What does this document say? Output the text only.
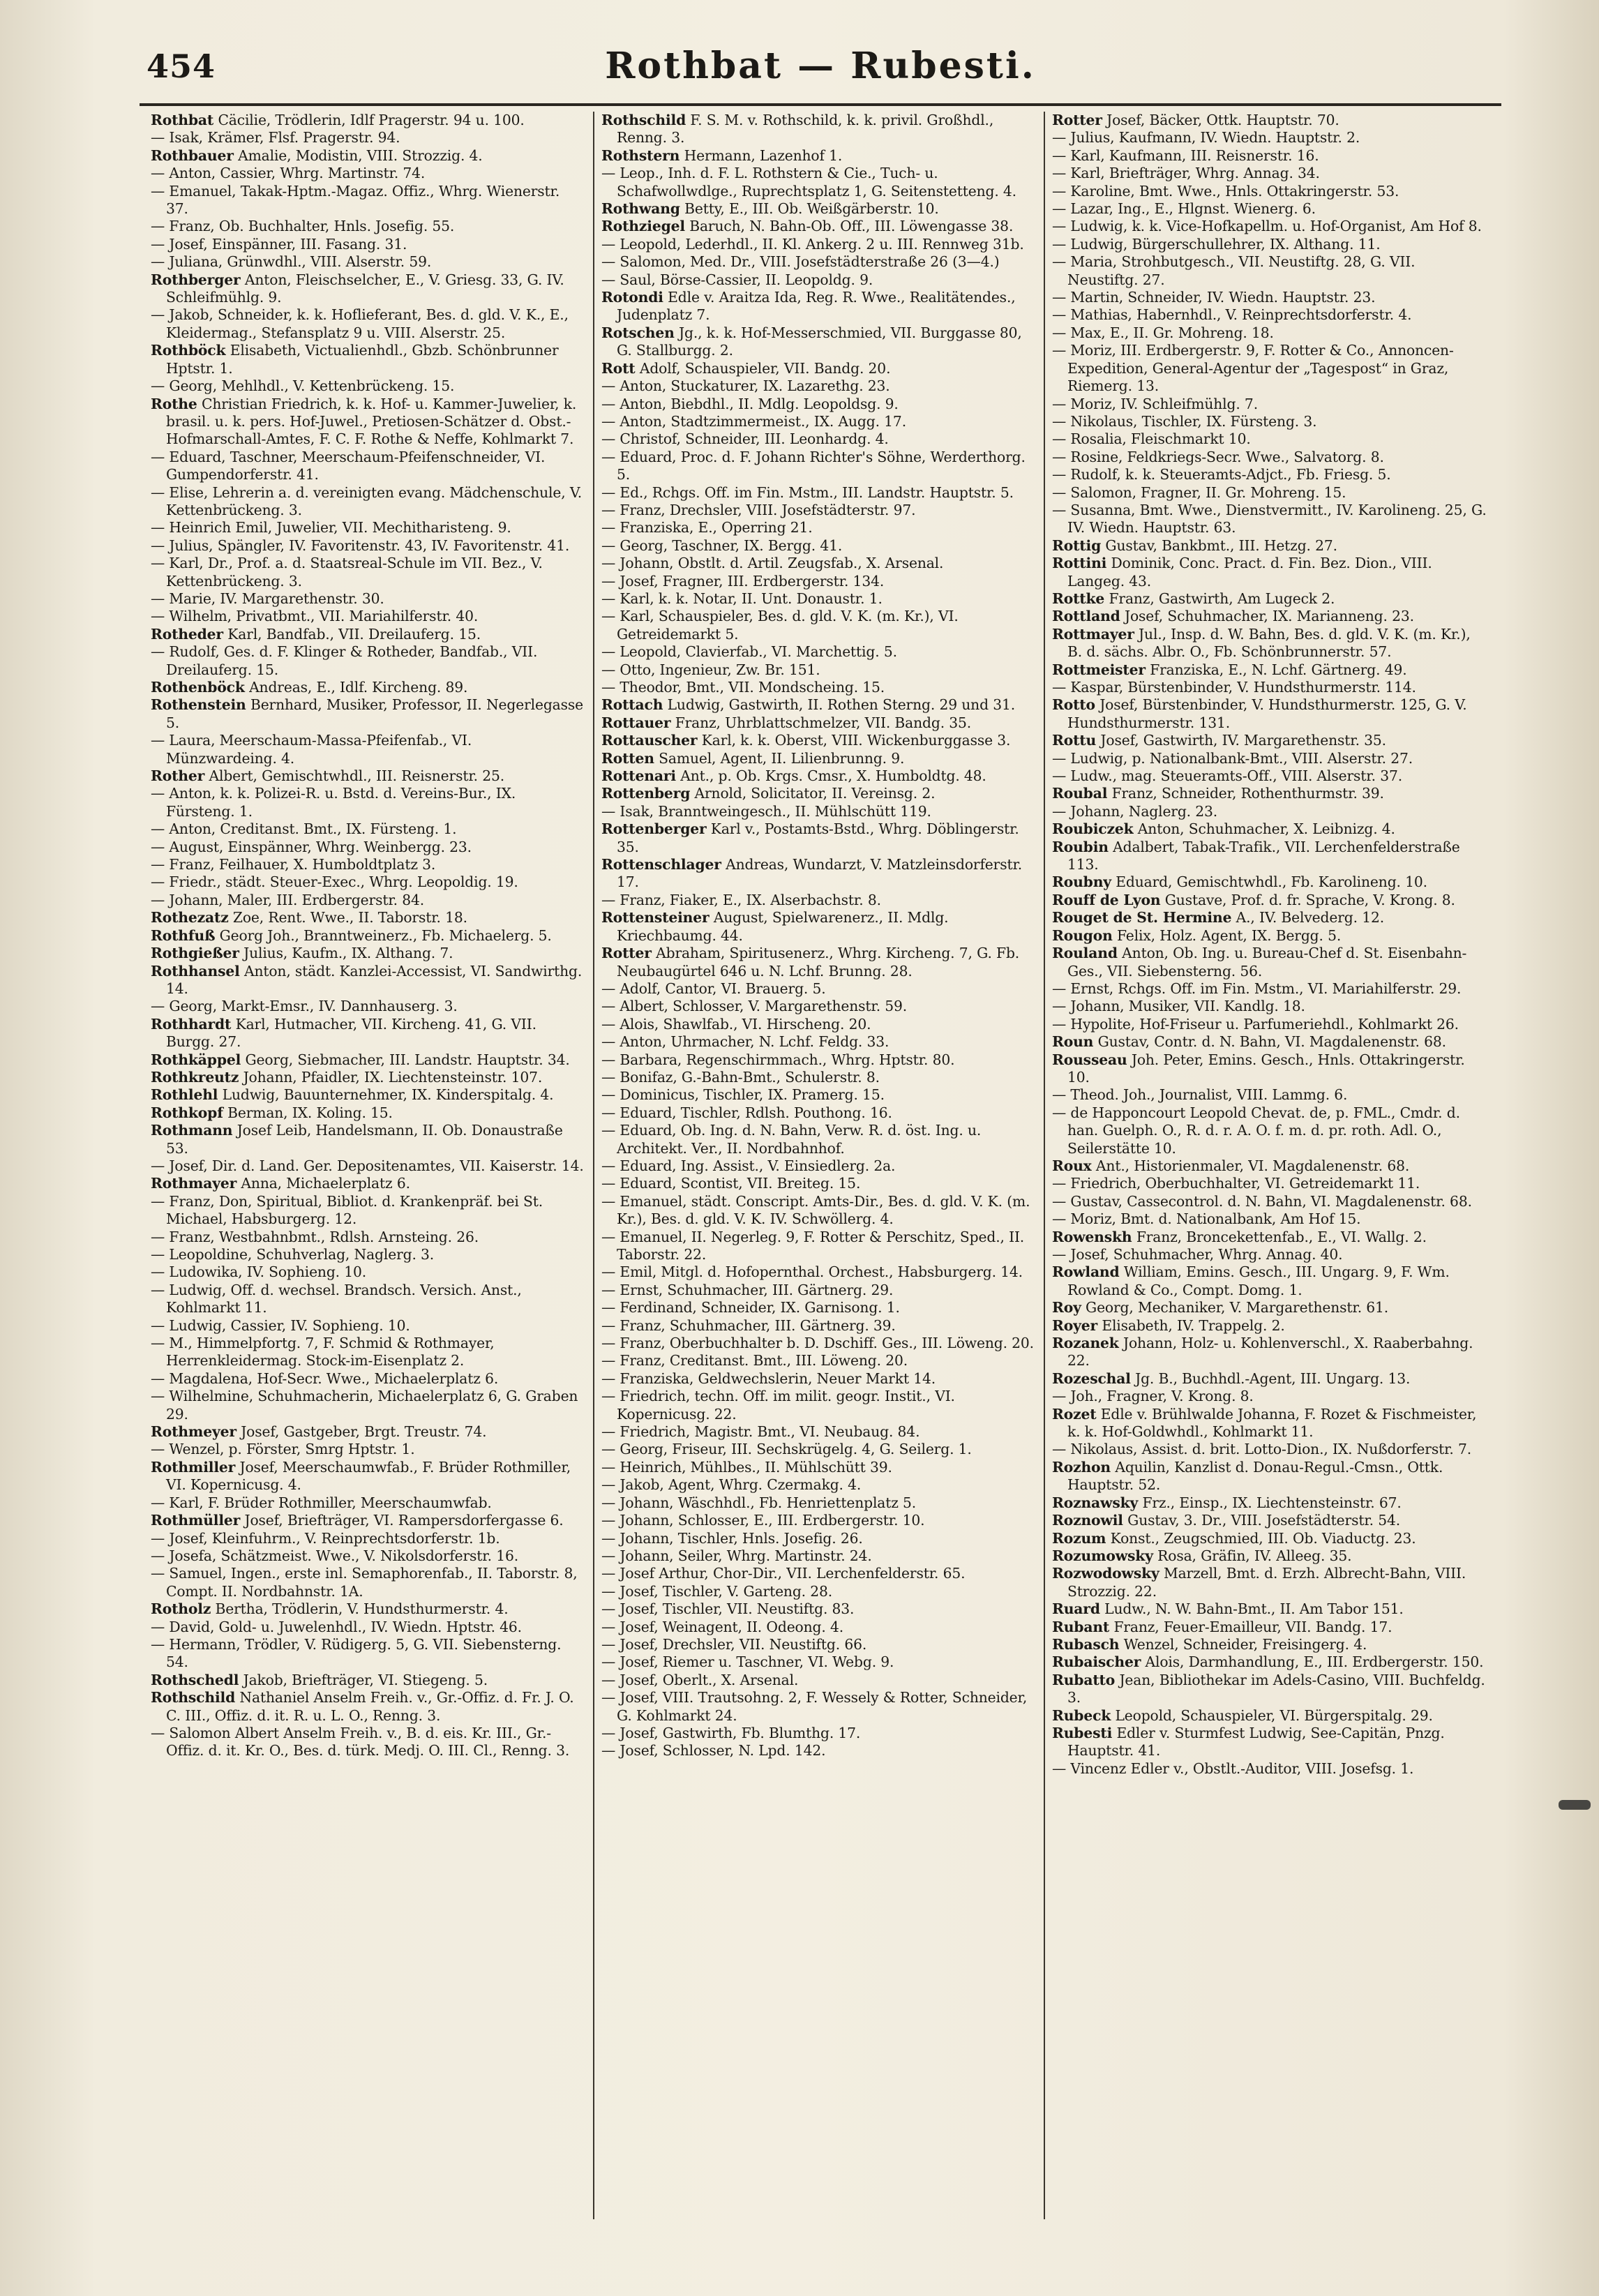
454	Rothbat — Rubesti.

Rothbat Cäcilie, Trödlerin, Idlf Pragerstr. 94 u. 100.

— Isak, Krämer, Flsf. Pragerstr. 94.

Rothbauer Amalie, Modistin, VIII. Strozzig. 4.

— Anton, Cassier, Whrg. Martinstr. 74.

— Emanuel, Takak-Hptm.-Magaz. Offiz., Whrg. Wienerstr. 37.

— Franz, Ob. Buchhalter, Hnls. Josefig. 55.

— Josef, Einspänner, III. Fasang. 31.

— Juliana, Grünwdhl., VIII. Alserstr. 59.

Rothberger Anton, Fleischselcher, E., V. Griesg. 33, G. IV. Schleifmühlg. 9.

— Jakob, Schneider, k. k. Hoflieferant, Bes. d. gld. V. K., E., Kleidermag., Stefansplatz 9 u. VIII. Alserstr. 25.

Rothböck Elisabeth, Victualienhdl., Gbzb. Schönbrunner Hptstr. 1.

— Georg, Mehlhdl., V. Kettenbrückeng. 15.

Rothe Christian Friedrich, k. k. Hof- u. Kammer-Juwelier, k. brasil. u. k. pers. Hof-Juwel., Pretiosen-Schätzer d. Obst.-Hofmarschall-Amtes, F. C. F. Rothe & Neffe, Kohlmarkt 7.

— Eduard, Taschner, Meerschaum-Pfeifenschneider, VI. Gumpendorferstr. 41.

— Elise, Lehrerin a. d. vereinigten evang. Mädchenschule, V. Kettenbrückeng. 3.

— Heinrich Emil, Juwelier, VII. Mechitharisteng. 9.

— Julius, Spängler, IV. Favoritenstr. 43, IV. Favoritenstr. 41.

— Karl, Dr., Prof. a. d. Staatsreal-Schule im VII. Bez., V. Kettenbrückeng. 3.

— Marie, IV. Margarethenstr. 30.

— Wilhelm, Privatbmt., VII. Mariahilferstr. 40.

Rotheder Karl, Bandfab., VII. Dreilauferg. 15.

— Rudolf, Ges. d. F. Klinger & Rotheder, Bandfab., VII. Dreilauferg. 15.

Rothenböck Andreas, E., Idlf. Kircheng. 89.

Rothenstein Bernhard, Musiker, Professor, II. Negerlegasse 5.

— Laura, Meerschaum-Massa-Pfeifenfab., VI. Münzwardeing. 4.

Rother Albert, Gemischtwhdl., III. Reisnerstr. 25.

— Anton, k. k. Polizei-R. u. Bstd. d. Vereins-Bur., IX. Fürsteng. 1.

— Anton, Creditanst. Bmt., IX. Fürsteng. 1.

— August, Einspänner, Whrg. Weinbergg. 23.

— Franz, Feilhauer, X. Humboldtplatz 3.

— Friedr., städt. Steuer-Exec., Whrg. Leopoldig. 19.

— Johann, Maler, III. Erdbergerstr. 84.

Rothezatz Zoe, Rent. Wwe., II. Taborstr. 18.

Rothfuß Georg Joh., Branntweinerz., Fb. Michaelerg. 5.

Rothgießer Julius, Kaufm., IX. Althang. 7.

Rothhansel Anton, städt. Kanzlei-Accessist, VI. Sandwirthg. 14.

— Georg, Markt-Emsr., IV. Dannhauserg. 3.

Rothhardt Karl, Hutmacher, VII. Kircheng. 41, G. VII. Burgg. 27.

Rothkäppel Georg, Siebmacher, III. Landstr. Hauptstr. 34.

Rothkreutz Johann, Pfaidler, IX. Liechtensteinstr. 107.

Rothlehl Ludwig, Bauunternehmer, IX. Kinderspitalg. 4.

Rothkopf Berman, IX. Koling. 15.

Rothmann Josef Leib, Handelsmann, II. Ob. Donaustraße 53.

— Josef, Dir. d. Land. Ger. Depositenamtes, VII. Kaiserstr. 14.

Rothmayer Anna, Michaelerplatz 6.

— Franz, Don, Spiritual, Bibliot. d. Krankenpräf. bei St. Michael, Habsburgerg. 12.

— Franz, Westbahnbmt., Rdlsh. Arnsteing. 26.

— Leopoldine, Schuhverlag, Naglerg. 3.

— Ludowika, IV. Sophieng. 10.

— Ludwig, Off. d. wechsel. Brandsch. Versich. Anst., Kohlmarkt 11.

— Ludwig, Cassier, IV. Sophieng. 10.

— M., Himmelpfortg. 7, F. Schmid & Rothmayer, Herrenkleidermag. Stock-im-Eisenplatz 2.

— Magdalena, Hof-Secr. Wwe., Michaelerplatz 6.

— Wilhelmine, Schuhmacherin, Michaelerplatz 6, G. Graben 29.

Rothmeyer Josef, Gastgeber, Brgt. Treustr. 74.

— Wenzel, p. Förster, Smrg Hptstr. 1.

Rothmiller Josef, Meerschaumwfab., F. Brüder Rothmiller, VI. Kopernicusg. 4.

— Karl, F. Brüder Rothmiller, Meerschaumwfab.

Rothmüller Josef, Briefträger, VI. Rampersdorfergasse 6.

— Josef, Kleinfuhrm., V. Reinprechtsdorferstr. 1b.

— Josefa, Schätzmeist. Wwe., V. Nikolsdorferstr. 16.

— Samuel, Ingen., erste inl. Semaphorenfab., II. Taborstr. 8, Compt. II. Nordbahnstr. 1A.

Rotholz Bertha, Trödlerin, V. Hundsthurmerstr. 4.

— David, Gold- u. Juwelenhdl., IV. Wiedn. Hptstr. 46.

— Hermann, Trödler, V. Rüdigerg. 5, G. VII. Siebensterng. 54.

Rothschedl Jakob, Briefträger, VI. Stiegeng. 5.

Rothschild Nathaniel Anselm Freih. v., Gr.-Offiz. d. Fr. J. O. C. III., Offiz. d. it. R. u. L. O., Renng. 3.

— Salomon Albert Anselm Freih. v., B. d. eis. Kr. III., Gr.-Offiz. d. it. Kr. O., Bes. d. türk. Medj. O. III. Cl., Renng. 3.

Rothschild F. S. M. v. Rothschild, k. k. privil. Großhdl., Renng. 3.

Rothstern Hermann, Lazenhof 1.

— Leop., Inh. d. F. L. Rothstern & Cie., Tuch- u. Schafwollwdlge., Ruprechtsplatz 1, G. Seitenstetteng. 4.

Rothwang Betty, E., III. Ob. Weißgärberstr. 10.

Rothziegel Baruch, N. Bahn-Ob. Off., III. Löwengasse 38.

— Leopold, Lederhdl., II. Kl. Ankerg. 2 u. III. Rennweg 31b.

— Salomon, Med. Dr., VIII. Josefstädterstraße 26 (3—4.)

— Saul, Börse-Cassier, II. Leopoldg. 9.

Rotondi Edle v. Araitza Ida, Reg. R. Wwe., Realitätendes., Judenplatz 7.

Rotschen Jg., k. k. Hof-Messerschmied, VII. Burggasse 80, G. Stallburgg. 2.

Rott Adolf, Schauspieler, VII. Bandg. 20.

— Anton, Stuckaturer, IX. Lazarethg. 23.

— Anton, Biebdhl., II. Mdlg. Leopoldsg. 9.

— Anton, Stadtzimmermeist., IX. Augg. 17.

— Christof, Schneider, III. Leonhardg. 4.

— Eduard, Proc. d. F. Johann Richter's Söhne, Werderthorg. 5.

— Ed., Rchgs. Off. im Fin. Mstm., III. Landstr. Hauptstr. 5.

— Franz, Drechsler, VIII. Josefstädterstr. 97.

— Franziska, E., Operring 21.

— Georg, Taschner, IX. Bergg. 41.

— Johann, Obstlt. d. Artil. Zeugsfab., X. Arsenal.

— Josef, Fragner, III. Erdbergerstr. 134.

— Karl, k. k. Notar, II. Unt. Donaustr. 1.

— Karl, Schauspieler, Bes. d. gld. V. K. (m. Kr.), VI. Getreidemarkt 5.

— Leopold, Clavierfab., VI. Marchettig. 5.

— Otto, Ingenieur, Zw. Br. 151.

— Theodor, Bmt., VII. Mondscheing. 15.

Rottach Ludwig, Gastwirth, II. Rothen Sterng. 29 und 31.

Rottauer Franz, Uhrblattschmelzer, VII. Bandg. 35.

Rottauscher Karl, k. k. Oberst, VIII. Wickenburggasse 3.

Rotten Samuel, Agent, II. Lilienbrunng. 9.

Rottenari Ant., p. Ob. Krgs. Cmsr., X. Humboldtg. 48.

Rottenberg Arnold, Solicitator, II. Vereinsg. 2.

— Isak, Branntweingesch., II. Mühlschütt 119.

Rottenberger Karl v., Postamts-Bstd., Whrg. Döblingerstr. 35.

Rottenschlager Andreas, Wundarzt, V. Matzleinsdorferstr. 17.

— Franz, Fiaker, E., IX. Alserbachstr. 8.

Rottensteiner August, Spielwarenerz., II. Mdlg. Kriechbaumg. 44.

Rotter Abraham, Spiritusenerz., Whrg. Kircheng. 7, G. Fb. Neubaugürtel 646 u. N. Lchf. Brunng. 28.

— Adolf, Cantor, VI. Brauerg. 5.

— Albert, Schlosser, V. Margarethenstr. 59.

— Alois, Shawlfab., VI. Hirscheng. 20.

— Anton, Uhrmacher, N. Lchf. Feldg. 33.

— Barbara, Regenschirmmach., Whrg. Hptstr. 80.

— Bonifaz, G.-Bahn-Bmt., Schulerstr. 8.

— Dominicus, Tischler, IX. Pramerg. 15.

— Eduard, Tischler, Rdlsh. Pouthong. 16.

— Eduard, Ob. Ing. d. N. Bahn, Verw. R. d. öst. Ing. u. Architekt. Ver., II. Nordbahnhof.

— Eduard, Ing. Assist., V. Einsiedlerg. 2a.

— Eduard, Scontist, VII. Breiteg. 15.

— Emanuel, städt. Conscript. Amts-Dir., Bes. d. gld. V. K. (m. Kr.), Bes. d. gld. V. K. IV. Schwöllerg. 4.

— Emanuel, II. Negerleg. 9, F. Rotter & Perschitz, Sped., II. Taborstr. 22.

— Emil, Mitgl. d. Hofopernthal. Orchest., Habsburgerg. 14.

— Ernst, Schuhmacher, III. Gärtnerg. 29.

— Ferdinand, Schneider, IX. Garnisong. 1.

— Franz, Schuhmacher, III. Gärtnerg. 39.

— Franz, Oberbuchhalter b. D. Dschiff. Ges., III. Löweng. 20.

— Franz, Creditanst. Bmt., III. Löweng. 20.

— Franziska, Geldwechslerin, Neuer Markt 14.

— Friedrich, techn. Off. im milit. geogr. Instit., VI. Kopernicusg. 22.

— Friedrich, Magistr. Bmt., VI. Neubaug. 84.

— Georg, Friseur, III. Sechskrügelg. 4, G. Seilerg. 1.

— Heinrich, Mühlbes., II. Mühlschütt 39.

— Jakob, Agent, Whrg. Czermakg. 4.

— Johann, Wäschhdl., Fb. Henriettenplatz 5.

— Johann, Schlosser, E., III. Erdbergerstr. 10.

— Johann, Tischler, Hnls. Josefig. 26.

— Johann, Seiler, Whrg. Martinstr. 24.

— Josef Arthur, Chor-Dir., VII. Lerchenfelderstr. 65.

— Josef, Tischler, V. Garteng. 28.

— Josef, Tischler, VII. Neustiftg. 83.

— Josef, Weinagent, II. Odeong. 4.

— Josef, Drechsler, VII. Neustiftg. 66.

— Josef, Riemer u. Taschner, VI. Webg. 9.

— Josef, Oberlt., X. Arsenal.

— Josef, VIII. Trautsohng. 2, F. Wessely & Rotter, Schneider, G. Kohlmarkt 24.

— Josef, Gastwirth, Fb. Blumthg. 17.

— Josef, Schlosser, N. Lpd. 142.

Rotter Josef, Bäcker, Ottk. Hauptstr. 70.

— Julius, Kaufmann, IV. Wiedn. Hauptstr. 2.

— Karl, Kaufmann, III. Reisnerstr. 16.

— Karl, Briefträger, Whrg. Annag. 34.

— Karoline, Bmt. Wwe., Hnls. Ottakringerstr. 53.

— Lazar, Ing., E., Hlgnst. Wienerg. 6.

— Ludwig, k. k. Vice-Hofkapellm. u. Hof-Organist, Am Hof 8.

— Ludwig, Bürgerschullehrer, IX. Althang. 11.

— Maria, Strohbutgesch., VII. Neustiftg. 28, G. VII. Neustiftg. 27.

— Martin, Schneider, IV. Wiedn. Hauptstr. 23.

— Mathias, Habernhdl., V. Reinprechtsdorferstr. 4.

— Max, E., II. Gr. Mohreng. 18.

— Moriz, III. Erdbergerstr. 9, F. Rotter & Co., Annoncen-Expedition, General-Agentur der „Tagespost“ in Graz, Riemerg. 13.

— Moriz, IV. Schleifmühlg. 7.

— Nikolaus, Tischler, IX. Fürsteng. 3.

— Rosalia, Fleischmarkt 10.

— Rosine, Feldkriegs-Secr. Wwe., Salvatorg. 8.

— Rudolf, k. k. Steueramts-Adjct., Fb. Friesg. 5.

— Salomon, Fragner, II. Gr. Mohreng. 15.

— Susanna, Bmt. Wwe., Dienstvermitt., IV. Karolineng. 25, G. IV. Wiedn. Hauptstr. 63.

Rottig Gustav, Bankbmt., III. Hetzg. 27.

Rottini Dominik, Conc. Pract. d. Fin. Bez. Dion., VIII. Langeg. 43.

Rottke Franz, Gastwirth, Am Lugeck 2.

Rottland Josef, Schuhmacher, IX. Marianneng. 23.

Rottmayer Jul., Insp. d. W. Bahn, Bes. d. gld. V. K. (m. Kr.), B. d. sächs. Albr. O., Fb. Schönbrunnerstr. 57.

Rottmeister Franziska, E., N. Lchf. Gärtnerg. 49.

— Kaspar, Bürstenbinder, V. Hundsthurmerstr. 114.

Rotto Josef, Bürstenbinder, V. Hundsthurmerstr. 125, G. V. Hundsthurmerstr. 131.

Rottu Josef, Gastwirth, IV. Margarethenstr. 35.

— Ludwig, p. Nationalbank-Bmt., VIII. Alserstr. 27.

— Ludw., mag. Steueramts-Off., VIII. Alserstr. 37.

Roubal Franz, Schneider, Rothenthurmstr. 39.

— Johann, Naglerg. 23.

Roubiczek Anton, Schuhmacher, X. Leibnizg. 4.

Roubin Adalbert, Tabak-Trafik., VII. Lerchenfelderstraße 113.

Roubny Eduard, Gemischtwhdl., Fb. Karolineng. 10.

Rouff de Lyon Gustave, Prof. d. fr. Sprache, V. Krong. 8.

Rouget de St. Hermine A., IV. Belvederg. 12.

Rougon Felix, Holz. Agent, IX. Bergg. 5.

Rouland Anton, Ob. Ing. u. Bureau-Chef d. St. Eisenbahn-Ges., VII. Siebensterng. 56.

— Ernst, Rchgs. Off. im Fin. Mstm., VI. Mariahilferstr. 29.

— Johann, Musiker, VII. Kandlg. 18.

— Hypolite, Hof-Friseur u. Parfumeriehdl., Kohlmarkt 26.

Roun Gustav, Contr. d. N. Bahn, VI. Magdalenenstr. 68.

Rousseau Joh. Peter, Emins. Gesch., Hnls. Ottakringerstr. 10.

— Theod. Joh., Journalist, VIII. Lammg. 6.

— de Happoncourt Leopold Chevat. de, p. FML., Cmdr. d. han. Guelph. O., R. d. r. A. O. f. m. d. pr. roth. Adl. O., Seilerstätte 10.

Roux Ant., Historienmaler, VI. Magdalenenstr. 68.

— Friedrich, Oberbuchhalter, VI. Getreidemarkt 11.

— Gustav, Cassecontrol. d. N. Bahn, VI. Magdalenenstr. 68.

— Moriz, Bmt. d. Nationalbank, Am Hof 15.

Rowenskh Franz, Broncekettenfab., E., VI. Wallg. 2.

— Josef, Schuhmacher, Whrg. Annag. 40.

Rowland William, Emins. Gesch., III. Ungarg. 9, F. Wm. Rowland & Co., Compt. Domg. 1.

Roy Georg, Mechaniker, V. Margarethenstr. 61.

Royer Elisabeth, IV. Trappelg. 2.

Rozanek Johann, Holz- u. Kohlenverschl., X. Raaberbahng. 22.

Rozeschal Jg. B., Buchhdl.-Agent, III. Ungarg. 13.

— Joh., Fragner, V. Krong. 8.

Rozet Edle v. Brühlwalde Johanna, F. Rozet & Fischmeister, k. k. Hof-Goldwhdl., Kohlmarkt 11.

— Nikolaus, Assist. d. brit. Lotto-Dion., IX. Nußdorferstr. 7.

Rozhon Aquilin, Kanzlist d. Donau-Regul.-Cmsn., Ottk. Hauptstr. 52.

Roznawsky Frz., Einsp., IX. Liechtensteinstr. 67.

Roznowil Gustav, 3. Dr., VIII. Josefstädterstr. 54.

Rozum Konst., Zeugschmied, III. Ob. Viaductg. 23.

Rozumowsky Rosa, Gräfin, IV. Alleeg. 35.

Rozwodowsky Marzell, Bmt. d. Erzh. Albrecht-Bahn, VIII. Strozzig. 22.

Ruard Ludw., N. W. Bahn-Bmt., II. Am Tabor 151.

Rubant Franz, Feuer-Emailleur, VII. Bandg. 17.

Rubasch Wenzel, Schneider, Freisingerg. 4.

Rubaischer Alois, Darmhandlung, E., III. Erdbergerstr. 150.

Rubatto Jean, Bibliothekar im Adels-Casino, VIII. Buchfeldg. 3.

Rubeck Leopold, Schauspieler, VI. Bürgerspitalg. 29.

Rubesti Edler v. Sturmfest Ludwig, See-Capitän, Pnzg. Hauptstr. 41.

— Vincenz Edler v., Obstlt.-Auditor, VIII. Josefsg. 1.
